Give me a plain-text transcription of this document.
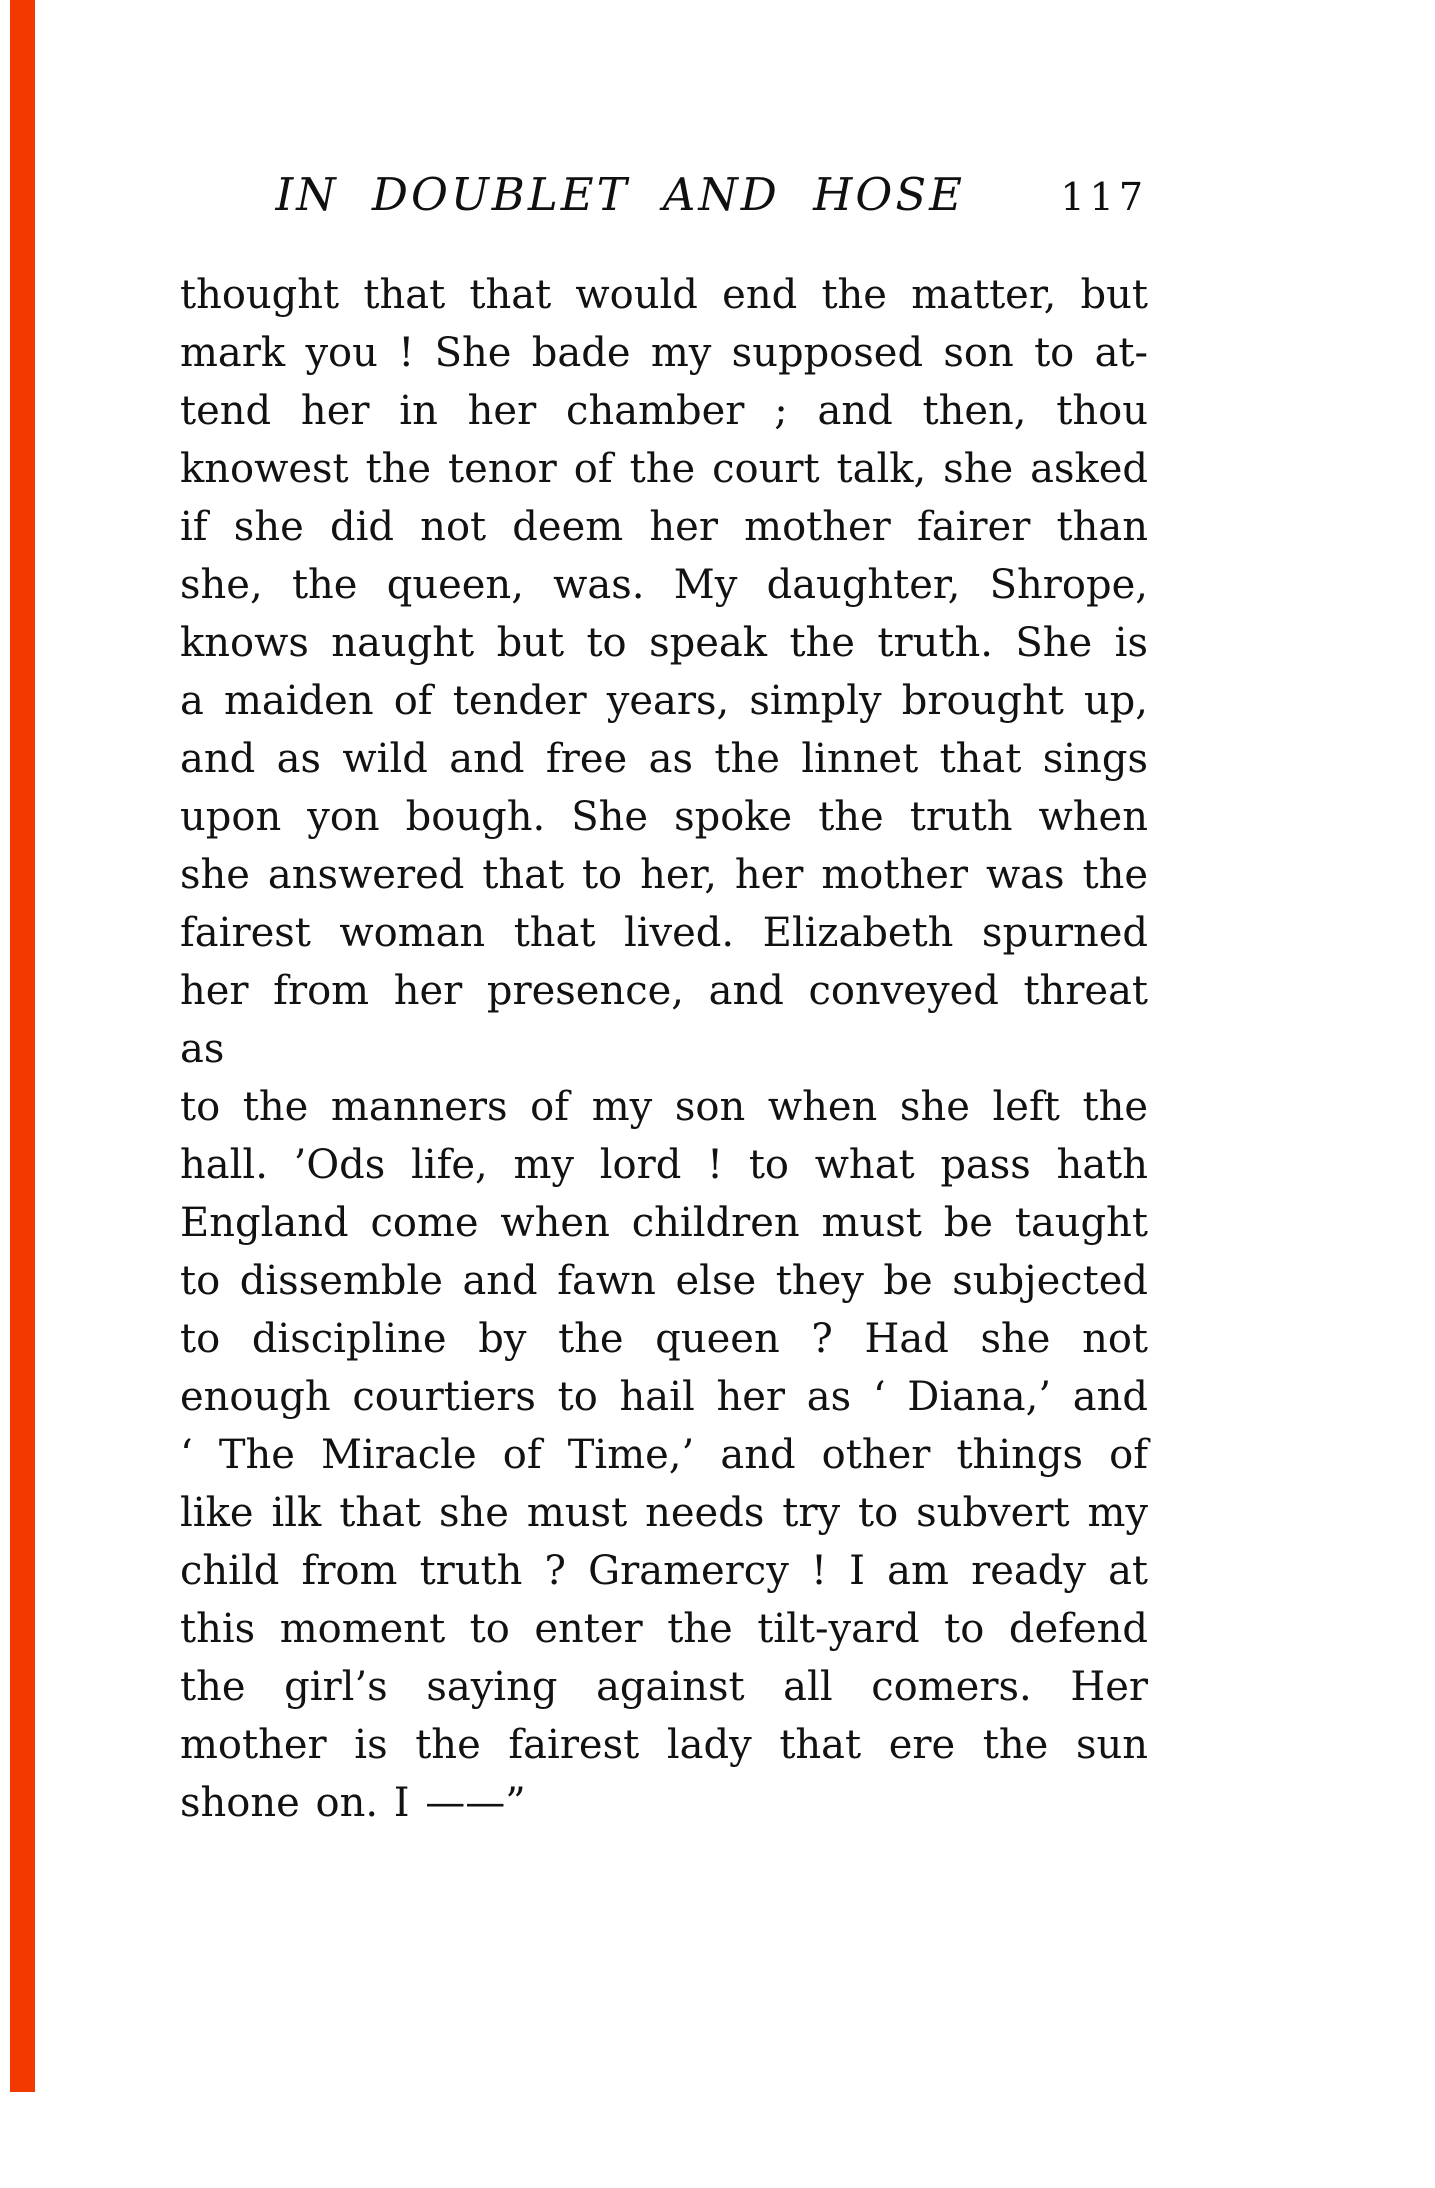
IN DOUBLET AND HOSE	117
thought that that would end the matter, but
mark you ! She bade my supposed son to at-
tend her in her chamber ; and then, thou
knowest the tenor of the court talk, she asked
if she did not deem her mother fairer than
she, the queen, was. My daughter, Shrope,
knows naught but to speak the truth. She is
a maiden of tender years, simply brought up,
and as wild and free as the linnet that sings
upon yon bough. She spoke the truth when
she answered that to her, her mother was the
fairest woman that lived. Elizabeth spurned
her from her presence, and conveyed threat as
to the manners of my son when she left the
hall. ’Ods life, my lord ! to what pass hath
England come when children must be taught
to dissemble and fawn else they be subjected
to discipline by the queen ? Had she not
enough courtiers to hail her as ‘ Diana,’ and
‘ The Miracle of Time,’ and other things of
like ilk that she must needs try to subvert my
child from truth ? Gramercy ! I am ready at
this moment to enter the tilt-yard to defend
the girl’s saying against all comers. Her
mother is the fairest lady that ere the sun
shone on. I ——”
